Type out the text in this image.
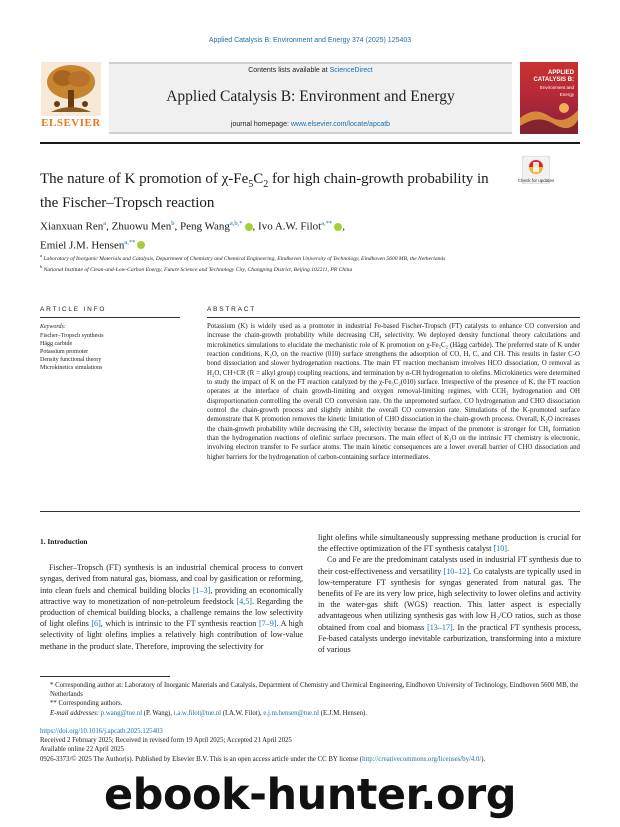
Applied Catalysis B: Environment and Energy 374 (2025) 125403
ELSEVIER
Contents lists available at ScienceDirect
Applied Catalysis B: Environment and Energy
journal homepage: www.elsevier.com/locate/apcatb
APPLIED
CATALYSIS B:
Environment and
Energy
The nature of K promotion of $\chi-Fe_5C_2$ for high chain-growth probability in the Fischer–Tropsch reaction
Check for updates
Xianxuan Ren$^a$, Zhuowu Men$^b$, Peng Wang$^{a,b,*}$ , Ivo A.W. Filot$^{a,**}$ ,
Emiel J.M. Hensen$^{a,**}$
$^a$ Laboratory of Inorganic Materials and Catalysis, Department of Chemistry and Chemical Engineering, Eindhoven University of Technology, Eindhoven 5600 MB, the Netherlands
$^b$ National Institute of Clean-and-Low-Carbon Energy, Future Science and Technology City, Changping District, Beijing 102211, PR China
ARTICLE INFO	ABSTRACT
Keywords:
Fischer–Tropsch synthesis
Hägg carbide
Potassium promoter
Density functional theory
Microkinetics simulations
Potassium (K) is widely used as a promoter in industrial Fe-based Fischer-Tropsch (FT) catalysts to enhance CO conversion and increase the chain-growth probability while decreasing CH₄ selectivity. We deployed density functional theory calculations and microkinetics simulations to elucidate the mechanistic role of K promotion on χ-Fe₅C₂ (Hägg carbide). The preferred state of K under reaction conditions, K₂O, on the reactive (010) surface strengthens the adsorption of CO, H, C, and CH. This results in faster C-O bond dissociation and slower hydrogenation reactions. The main FT reaction mechanism involves HCO dissociation, O removal as H₂O, CH+CR (R = alkyl group) coupling reactions, and termination by α-CH hydrogenation to olefins. Microkinetics were determined to study the impact of K on the FT reaction catalyzed by the χ-Fe₅C₂(010) surface. Irrespective of the presence of K, the FT reaction operates at the interface of chain growth-limiting and oxygen removal-limiting regimes, with CCH₂ hydrogenation and OH disproportionation controlling the overall CO conversion rate. On the unpromoted surface, CO hydrogenation and CHO dissociation control the chain-growth process and slightly inhibit the overall CO conversion rate. Simulations of the K-promoted surface demonstrate that K promotion removes the kinetic limitation of CHO dissociation in the chain-growth process. Overall, K₂O increases the chain-growth probability while decreasing the CH₄ selectivity because the impact of the promoter is stronger for CH₄ formation than the hydrogenation reactions of olefinic surface precursors. The main effect of K₂O on the intrinsic FT chemistry is electronic, involving electron transfer to Fe surface atoms. The main kinetic consequences are a lower overall barrier of CHO dissociation and higher barriers for the hydrogenation of carbon-containing surface intermediates.
1. Introduction

Fischer–Tropsch (FT) synthesis is an industrial chemical process to convert syngas, derived from natural gas, biomass, and coal by gasification or reforming, into clean fuels and chemical building blocks [1–3], providing an economically attractive way to monetization of non-petroleum feedstock [4,5]. Regarding the production of chemical building blocks, a challenge remains the low selectivity of light olefins [6], which is intrinsic to the FT synthesis reaction [7–9]. A high selectivity of light olefins implies a relatively high contribution of low-value methane in the product slate. Therefore, improving the selectivity for

light olefins while simultaneously suppressing methane production is crucial for the effective optimization of the FT synthesis catalyst [10].

Co and Fe are the predominant catalysts used in industrial FT synthesis due to their cost-effectiveness and versatility [10–12]. Co catalysts are typically used in low-temperature FT synthesis for syngas generated from natural gas. The benefits of Fe are its very low price, high selectivity to lower olefins and activity in the water-gas shift (WGS) reaction. This latter aspect is especially advantageous when utilizing synthesis gas with low H₂/CO ratios, such as those obtained from coal and biomass [13–17]. In the practical FT synthesis process, Fe-based catalysts undergo inevitable carburization, transforming into a mixture of various

* Corresponding author at: Laboratory of Inorganic Materials and Catalysis, Department of Chemistry and Chemical Engineering, Eindhoven University of Technology, Eindhoven 5600 MB, the Netherlands
** Corresponding authors.
E-mail addresses: p.wang@tue.nl (P. Wang), i.a.w.filot@tue.nl (I.A.W. Filot), e.j.m.hensen@tue.nl (E.J.M. Hensen).
https://doi.org/10.1016/j.apcatb.2025.125403
Received 2 February 2025; Received in revised form 19 April 2025; Accepted 21 April 2025
Available online 22 April 2025
0926-3373/© 2025 The Author(s). Published by Elsevier B.V. This is an open access article under the CC BY license (http://creativecommons.org/licenses/by/4.0/).
ebook-hunter.org
